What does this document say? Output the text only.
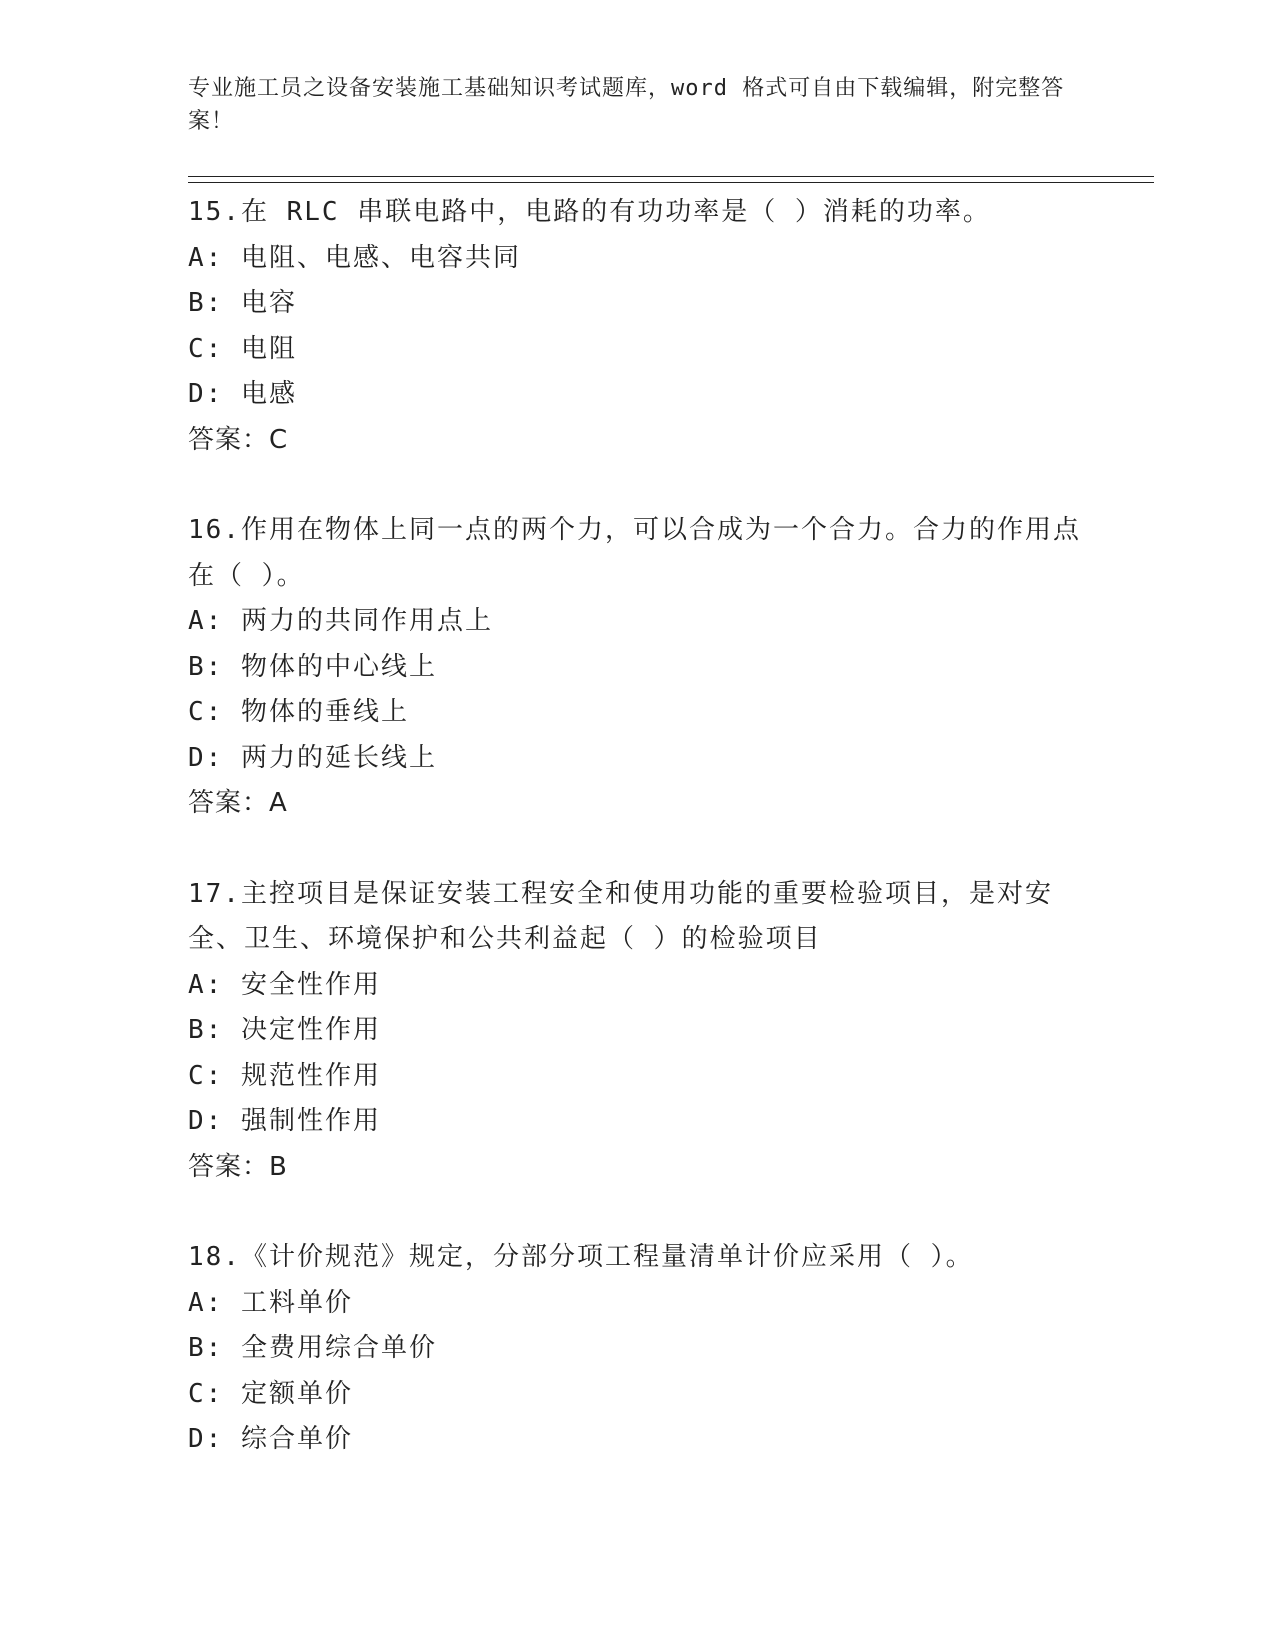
专业施工员之设备安装施工基础知识考试题库，word 格式可自由下载编辑，附完整答案！

15.在 RLC 串联电路中，电路的有功功率是（ ）消耗的功率。

A: 电阻、电感、电容共同

B: 电容

C: 电阻

D: 电感

答案：C

16.作用在物体上同一点的两个力，可以合成为一个合力。合力的作用点在（ ）。

A: 两力的共同作用点上

B: 物体的中心线上

C: 物体的垂线上

D: 两力的延长线上

答案：A

17.主控项目是保证安装工程安全和使用功能的重要检验项目，是对安全、卫生、环境保护和公共利益起（ ）的检验项目

A: 安全性作用

B: 决定性作用

C: 规范性作用

D: 强制性作用

答案：B

18.《计价规范》规定，分部分项工程量清单计价应采用（ ）。

A: 工料单价

B: 全费用综合单价

C: 定额单价

D: 综合单价
